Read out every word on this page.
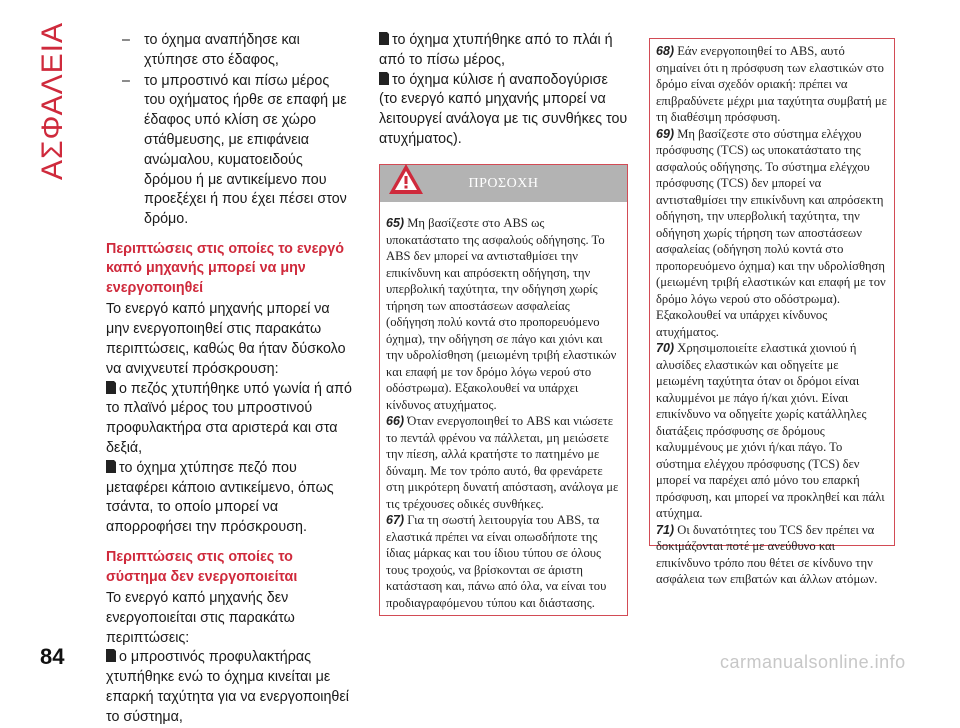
ΑΣΦΑΛΕΙΑ
84	carmanualsonline.info
– το όχημα αναπήδησε και χτύπησε στο έδαφος,
– το μπροστινό και πίσω μέρος του οχήματος ήρθε σε επαφή με έδαφος υπό κλίση σε χώρο στάθμευσης, με επιφάνεια ανώμαλου, κυματοειδούς δρόμου ή με αντικείμενο που προεξέχει ή που έχει πέσει στον δρόμο.
Περιπτώσεις στις οποίες το ενεργό καπό μηχανής μπορεί να μην ενεργοποιηθεί
Το ενεργό καπό μηχανής μπορεί να μην ενεργοποιηθεί στις παρακάτω περιπτώσεις, καθώς θα ήταν δύσκολο να ανιχνευτεί πρόσκρουση:
ο πεζός χτυπήθηκε υπό γωνία ή από το πλαϊνό μέρος του μπροστινού προφυλακτήρα στα αριστερά και στα δεξιά,
το όχημα χτύπησε πεζό που μεταφέρει κάποιο αντικείμενο, όπως τσάντα, το οποίο μπορεί να απορροφήσει την πρόσκρουση.
Περιπτώσεις στις οποίες το σύστημα δεν ενεργοποιείται
Το ενεργό καπό μηχανής δεν ενεργοποιείται στις παρακάτω περιπτώσεις:
ο μπροστινός προφυλακτήρας χτυπήθηκε ενώ το όχημα κινείται με επαρκή ταχύτητα για να ενεργοποιηθεί το σύστημα,
το όχημα χτυπήθηκε από το πλάι ή από το πίσω μέρος,
το όχημα κύλισε ή αναποδογύρισε
(το ενεργό καπό μηχανής μπορεί να λειτουργεί ανάλογα με τις συνθήκες του ατυχήματος).
ΠΡΟΣΟΧΗ
65) Μη βασίζεστε στο ABS ως υποκατάστατο της ασφαλούς οδήγησης. Το ABS δεν μπορεί να αντισταθμίσει την επικίνδυνη και απρόσεκτη οδήγηση, την υπερβολική ταχύτητα, την οδήγηση χωρίς τήρηση των αποστάσεων ασφαλείας (οδήγηση πολύ κοντά στο προπορευόμενο όχημα), την οδήγηση σε πάγο και χιόνι και την υδρολίσθηση (μειωμένη τριβή ελαστικών και επαφή με τον δρόμο λόγω νερού στο οδόστρωμα). Εξακολουθεί να υπάρχει κίνδυνος ατυχήματος.
66) Όταν ενεργοποιηθεί το ABS και νιώσετε το πεντάλ φρένου να πάλλεται, μη μειώσετε την πίεση, αλλά κρατήστε το πατημένο με δύναμη. Με τον τρόπο αυτό, θα φρενάρετε στη μικρότερη δυνατή απόσταση, ανάλογα με τις τρέχουσες οδικές συνθήκες.
67) Για τη σωστή λειτουργία του ABS, τα ελαστικά πρέπει να είναι οπωσδήποτε της ίδιας μάρκας και του ίδιου τύπου σε όλους τους τροχούς, να βρίσκονται σε άριστη κατάσταση και, πάνω από όλα, να είναι του προδιαγραφόμενου τύπου και διάστασης.
68) Εάν ενεργοποιηθεί το ABS, αυτό σημαίνει ότι η πρόσφυση των ελαστικών στο δρόμο είναι σχεδόν οριακή: πρέπει να επιβραδύνετε μέχρι μια ταχύτητα συμβατή με τη διαθέσιμη πρόσφυση.
69) Μη βασίζεστε στο σύστημα ελέγχου πρόσφυσης (TCS) ως υποκατάστατο της ασφαλούς οδήγησης. Το σύστημα ελέγχου πρόσφυσης (TCS) δεν μπορεί να αντισταθμίσει την επικίνδυνη και απρόσεκτη οδήγηση, την υπερβολική ταχύτητα, την οδήγηση χωρίς τήρηση των αποστάσεων ασφαλείας (οδήγηση πολύ κοντά στο προπορευόμενο όχημα) και την υδρολίσθηση (μειωμένη τριβή ελαστικών και επαφή με τον δρόμο λόγω νερού στο οδόστρωμα). Εξακολουθεί να υπάρχει κίνδυνος ατυχήματος.
70) Χρησιμοποιείτε ελαστικά χιονιού ή αλυσίδες ελαστικών και οδηγείτε με μειωμένη ταχύτητα όταν οι δρόμοι είναι καλυμμένοι με πάγο ή/και χιόνι. Είναι επικίνδυνο να οδηγείτε χωρίς κατάλληλες διατάξεις πρόσφυσης σε δρόμους καλυμμένους με χιόνι ή/και πάγο. Το σύστημα ελέγχου πρόσφυσης (TCS) δεν μπορεί να παρέχει από μόνο του επαρκή πρόσφυση, και μπορεί να προκληθεί και πάλι ατύχημα.
71) Οι δυνατότητες του TCS δεν πρέπει να δοκιμάζονται ποτέ με ανεύθυνο και επικίνδυνο τρόπο που θέτει σε κίνδυνο την ασφάλεια των επιβατών και άλλων ατόμων.
